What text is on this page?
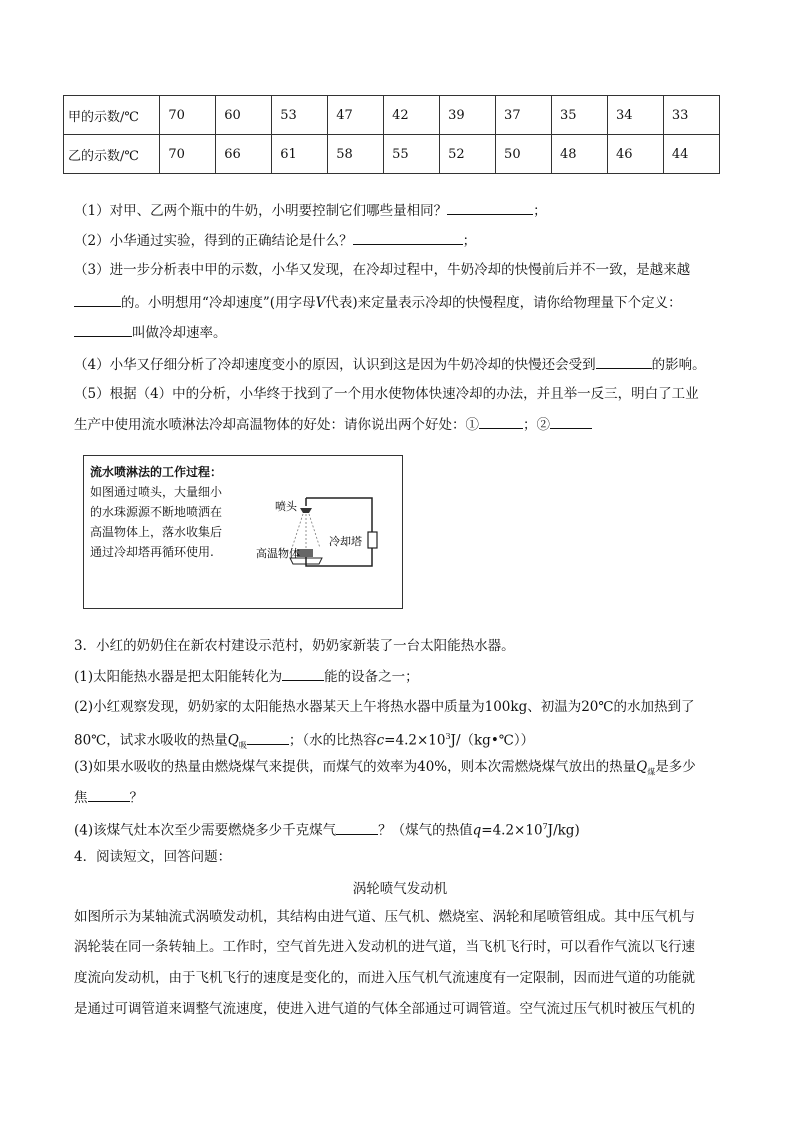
甲的示数/℃	70	60	53	47	42	39	37	35	34	33
乙的示数/℃	70	66	61	58	55	52	50	48	46	44
（1）对甲、乙两个瓶中的牛奶，小明要控制它们哪些量相同？	；
（2）小华通过实验，得到的正确结论是什么？	；
（3）进一步分析表中甲的示数，小华又发现，在冷却过程中，牛奶冷却的快慢前后并不一致，是越来越
的。小明想用“冷却速度”(用字母V代表)来定量表示冷却的快慢程度，请你给物理量下个定义：
叫做冷却速率。
（4）小华又仔细分析了冷却速度变小的原因，认识到这是因为牛奶冷却的快慢还会受到	的影响。
（5）根据（4）中的分析，小华终于找到了一个用水使物体快速冷却的办法，并且举一反三，明白了工业
生产中使用流水喷淋法冷却高温物体的好处：请你说出两个好处：①	；②
流水喷淋法的工作过程：
如图通过喷头，大量细小
的水珠源源不断地喷洒在
高温物体上，落水收集后
通过冷却塔再循环使用.
喷头
高温物体
冷却塔
3．小红的奶奶住在新农村建设示范村，奶奶家新装了一台太阳能热水器。
(1)太阳能热水器是把太阳能转化为	能的设备之一；
(2)小红观察发现，奶奶家的太阳能热水器某天上午将热水器中质量为100kg、初温为20℃的水加热到了
80℃，试求水吸收的热量$Q_吸$	；（水的比热容$c=4.2\times 10^3J/(kg•℃)$）
(3)如果水吸收的热量由燃烧煤气来提供，而煤气的效率为40%，则本次需燃烧煤气放出的热量$Q_煤$是多少
焦	？
(4)该煤气灶本次至少需要燃烧多少千克煤气	？（煤气的热值$q=4.2\times 10^7J/kg$)
4．阅读短文，回答问题：
涡轮喷气发动机
如图所示为某轴流式涡喷发动机，其结构由进气道、压气机、燃烧室、涡轮和尾喷管组成。其中压气机与
涡轮装在同一条转轴上。工作时，空气首先进入发动机的进气道，当飞机飞行时，可以看作气流以飞行速
度流向发动机，由于飞机飞行的速度是变化的，而进入压气机气流速度有一定限制，因而进气道的功能就
是通过可调管道来调整气流速度，使进入进气道的气体全部通过可调管道。空气流过压气机时被压气机的
